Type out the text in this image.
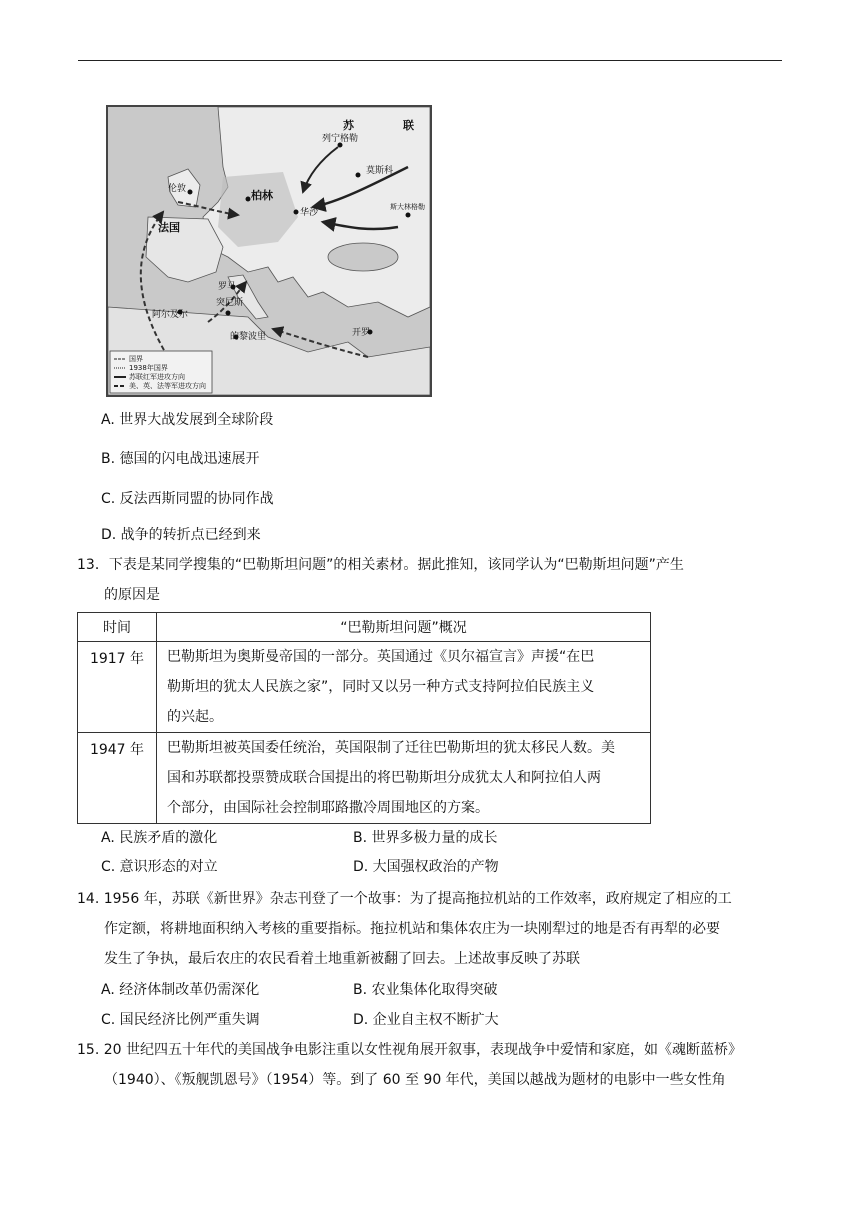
苏	联
列宁格勒
莫斯科
斯大林格勒
伦敦	柏林
华沙
法国
罗马
突尼斯
阿尔及尔
的黎波里	开罗
国界
1938年国界
苏联红军进攻方向
美、英、法等军进攻方向
A. 世界大战发展到全球阶段
B. 德国的闪电战迅速展开
C. 反法西斯同盟的协同作战
D. 战争的转折点已经到来

13．下表是某同学搜集的“巴勒斯坦问题”的相关素材。据此推知，该同学认为“巴勒斯坦问题”产生

的原因是

时间	“巴勒斯坦问题”概况
1917 年	巴勒斯坦为奥斯曼帝国的一部分。英国通过《贝尔福宣言》声援“在巴
勒斯坦的犹太人民族之家”，同时又以另一种方式支持阿拉伯民族主义
的兴起。

1947 年	巴勒斯坦被英国委任统治，英国限制了迁往巴勒斯坦的犹太移民人数。美
国和苏联都投票赞成联合国提出的将巴勒斯坦分成犹太人和阿拉伯人两
个部分，由国际社会控制耶路撒冷周围地区的方案。
A. 民族矛盾的激化	B. 世界多极力量的成长
C. 意识形态的对立	D. 大国强权政治的产物

14. 1956 年，苏联《新世界》杂志刊登了一个故事：为了提高拖拉机站的工作效率，政府规定了相应的工

作定额，将耕地面积纳入考核的重要指标。拖拉机站和集体农庄为一块刚犁过的地是否有再犁的必要

发生了争执，最后农庄的农民看着土地重新被翻了回去。上述故事反映了苏联

A. 经济体制改革仍需深化	B. 农业集体化取得突破
C. 国民经济比例严重失调	D. 企业自主权不断扩大

15. 20 世纪四五十年代的美国战争电影注重以女性视角展开叙事，表现战争中爱情和家庭，如《魂断蓝桥》

（1940）、《叛舰凯恩号》（1954）等。到了 60 至 90 年代，美国以越战为题材的电影中一些女性角
